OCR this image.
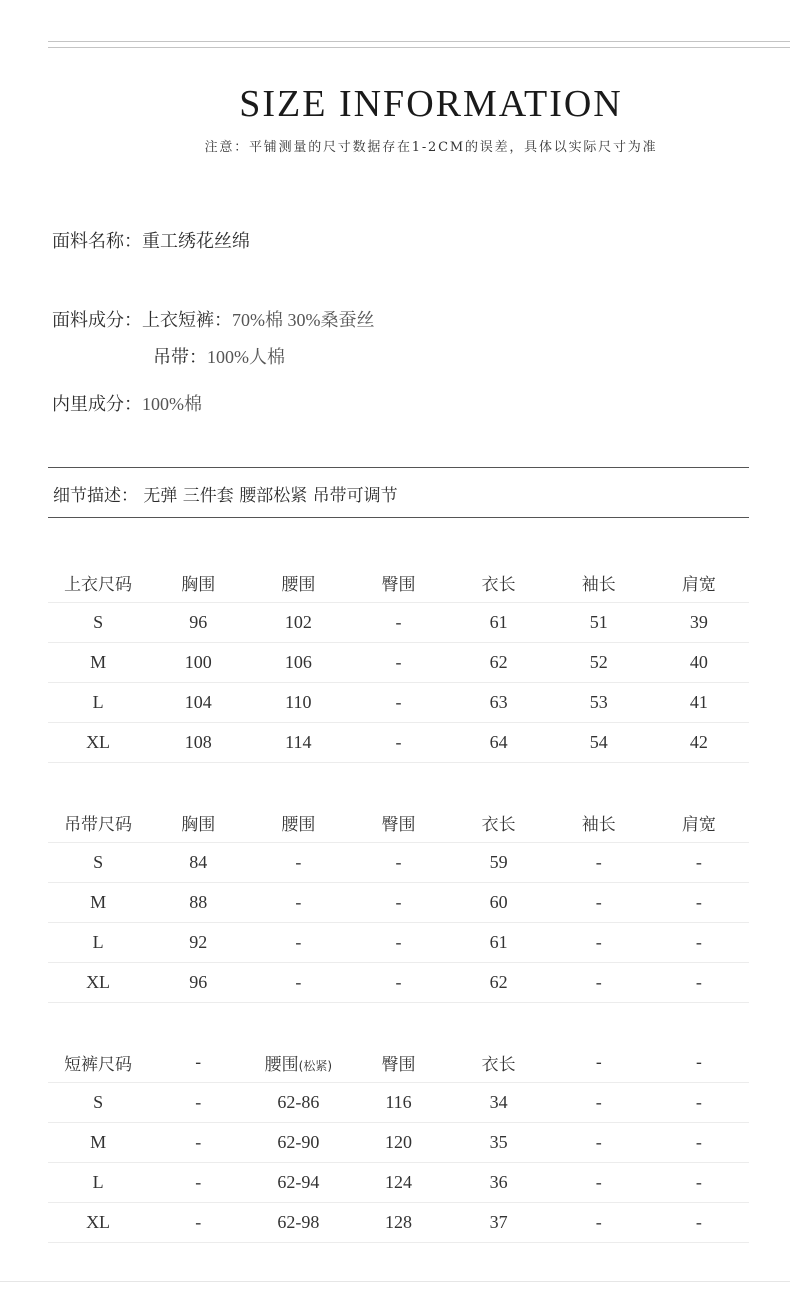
SIZE INFORMATION
注意：平铺测量的尺寸数据存在1-2CM的误差，具体以实际尺寸为准
面料名称：重工绣花丝绵
面料成分：上衣短裤：70%棉 30%桑蚕丝
吊带：100%人棉
内里成分：100%棉
细节描述： 无弹 三件套 腰部松紧 吊带可调节
上衣尺码	胸围	腰围	臀围	衣长	袖长	肩宽
S	96	102	-	61	51	39
M	100	106	-	62	52	40
L	104	110	-	63	53	41
XL	108	114	-	64	54	42
吊带尺码	胸围	腰围	臀围	衣长	袖长	肩宽
S	84	-	-	59	-	-
M	88	-	-	60	-	-
L	92	-	-	61	-	-
XL	96	-	-	62	-	-
短裤尺码	-	腰围(松紧)	臀围	衣长	-	-
S	-	62-86	116	34	-	-
M	-	62-90	120	35	-	-
L	-	62-94	124	36	-	-
XL	-	62-98	128	37	-	-
